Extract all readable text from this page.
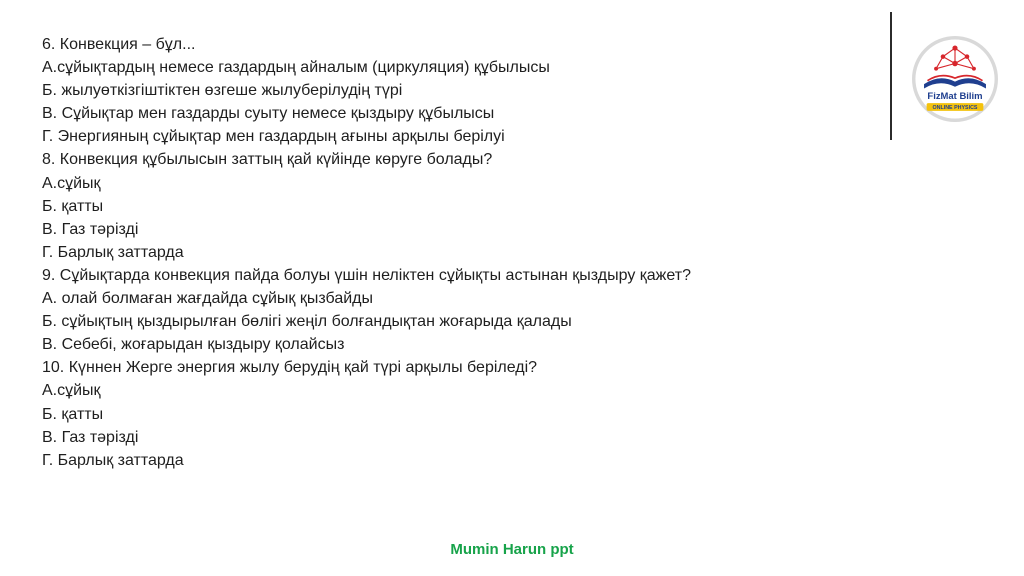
6. Конвекция – бұл...

А.сұйықтардың немесе газдардың айналым (циркуляция) құбылысы

Б. жылуөткізгіштіктен өзгеше жылуберілудің түрі

В. Сұйықтар мен газдарды суыту немесе қыздыру құбылысы

Г. Энергияның сұйықтар мен газдардың ағыны арқылы берілуі

8. Конвекция құбылысын заттың қай күйінде көруге болады?

А.сұйық

Б. қатты

В. Газ тәрізді

Г. Барлық заттарда

9. Сұйықтарда конвекция пайда болуы үшін неліктен сұйықты астынан қыздыру қажет?

А. олай болмаған жағдайда сұйық қызбайды

Б. сұйықтың қыздырылған бөлігі жеңіл болғандықтан жоғарыда қалады

В. Себебі, жоғарыдан қыздыру қолайсыз

10. Күннен Жерге энергия жылу берудің қай түрі арқылы беріледі?

А.сұйық

Б. қатты

В. Газ тәрізді

Г. Барлық заттарда

FizMat Bilim
ONLINE PHYSICS
Mumin Harun ppt
